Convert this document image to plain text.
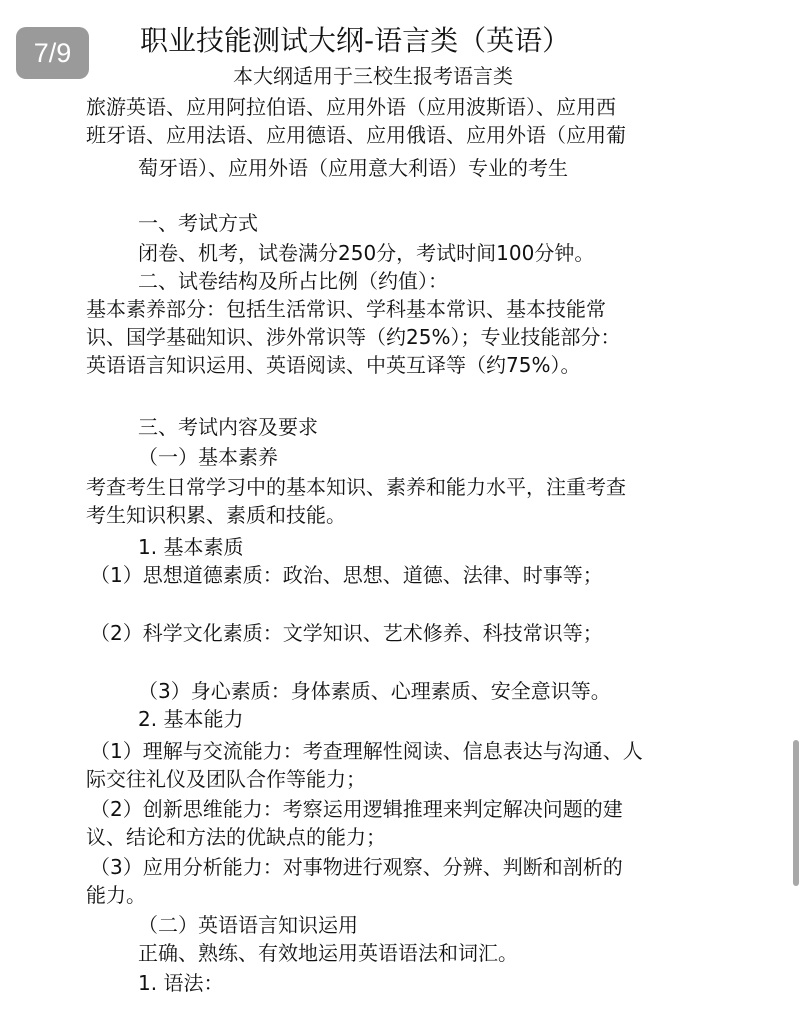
7/9	职业技能测试大纲-语言类（英语）
本大纲适用于三校生报考语言类
旅游英语、应用阿拉伯语、应用外语（应用波斯语）、应用西
班牙语、应用法语、应用德语、应用俄语、应用外语（应用葡
萄牙语）、应用外语（应用意大利语）专业的考生
一、考试方式
闭卷、机考，试卷满分250分，考试时间100分钟。
二、试卷结构及所占比例（约值）：
基本素养部分：包括生活常识、学科基本常识、基本技能常
识、国学基础知识、涉外常识等（约25%）；专业技能部分：
英语语言知识运用、英语阅读、中英互译等（约75%）。
三、考试内容及要求
（一）基本素养
考查考生日常学习中的基本知识、素养和能力水平，注重考查
考生知识积累、素质和技能。
1. 基本素质
（1）思想道德素质：政治、思想、道德、法律、时事等；
（2）科学文化素质：文学知识、艺术修养、科技常识等；
（3）身心素质：身体素质、心理素质、安全意识等。
2. 基本能力
（1）理解与交流能力：考查理解性阅读、信息表达与沟通、人
际交往礼仪及团队合作等能力；
（2）创新思维能力：考察运用逻辑推理来判定解决问题的建
议、结论和方法的优缺点的能力；
（3）应用分析能力：对事物进行观察、分辨、判断和剖析的
能力。
（二）英语语言知识运用
正确、熟练、有效地运用英语语法和词汇。
1. 语法：
